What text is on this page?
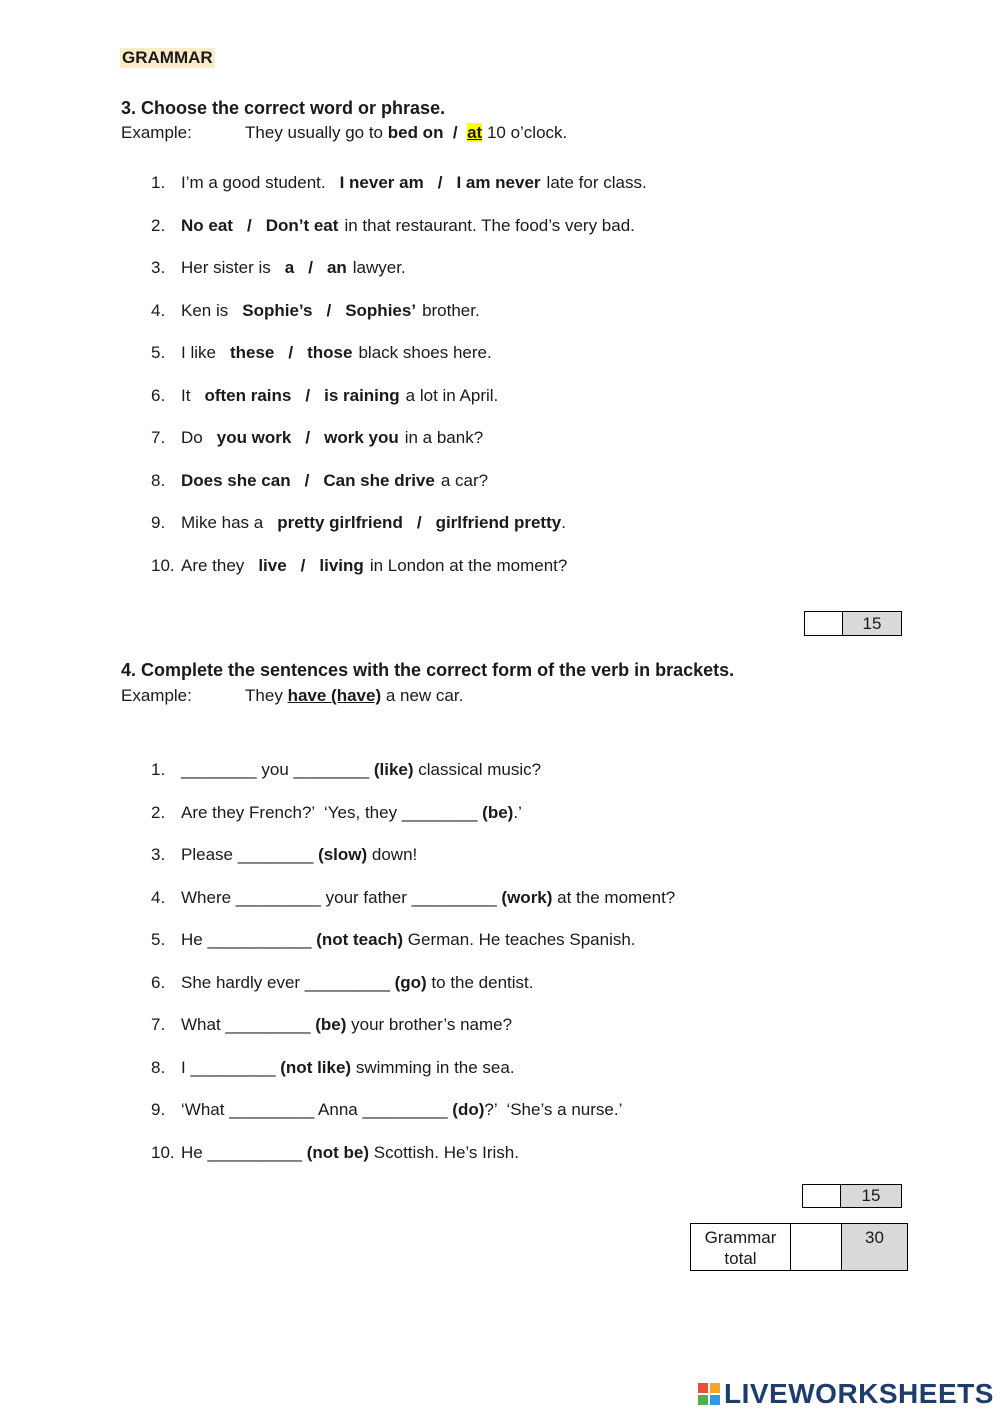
GRAMMAR
3. Choose the correct word or phrase.
Example:	They usually go to bed on / at 10 o’clock.
1. I’m a good student. I never am / I am never late for class.
2. No eat / Don’t eat in that restaurant. The food’s very bad.
3. Her sister is a / an lawyer.
4. Ken is Sophie’s / Sophies’ brother.
5. I like these / those black shoes here.
6. It often rains / is raining a lot in April.
7. Do you work / work you in a bank?
8. Does she can / Can she drive a car?
9. Mike has a pretty girlfriend / girlfriend pretty.
10. Are they live / living in London at the moment?
15
4. Complete the sentences with the correct form of the verb in brackets.
Example:	They have (have) a new car.
1. ________ you ________ (like) classical music?
2. Are they French?’  ‘Yes, they ________ (be).’
3. Please ________ (slow) down!
4. Where _________ your father _________ (work) at the moment?
5. He ___________ (not teach) German. He teaches Spanish.
6. She hardly ever _________ (go) to the dentist.
7. What _________ (be) your brother’s name?
8. I _________ (not like) swimming in the sea.
9. ‘What _________ Anna _________ (do)?’  ‘She’s a nurse.’
10. He __________ (not be) Scottish. He’s Irish.
15
Grammar
total
30
LIVEWORKSHEETS
